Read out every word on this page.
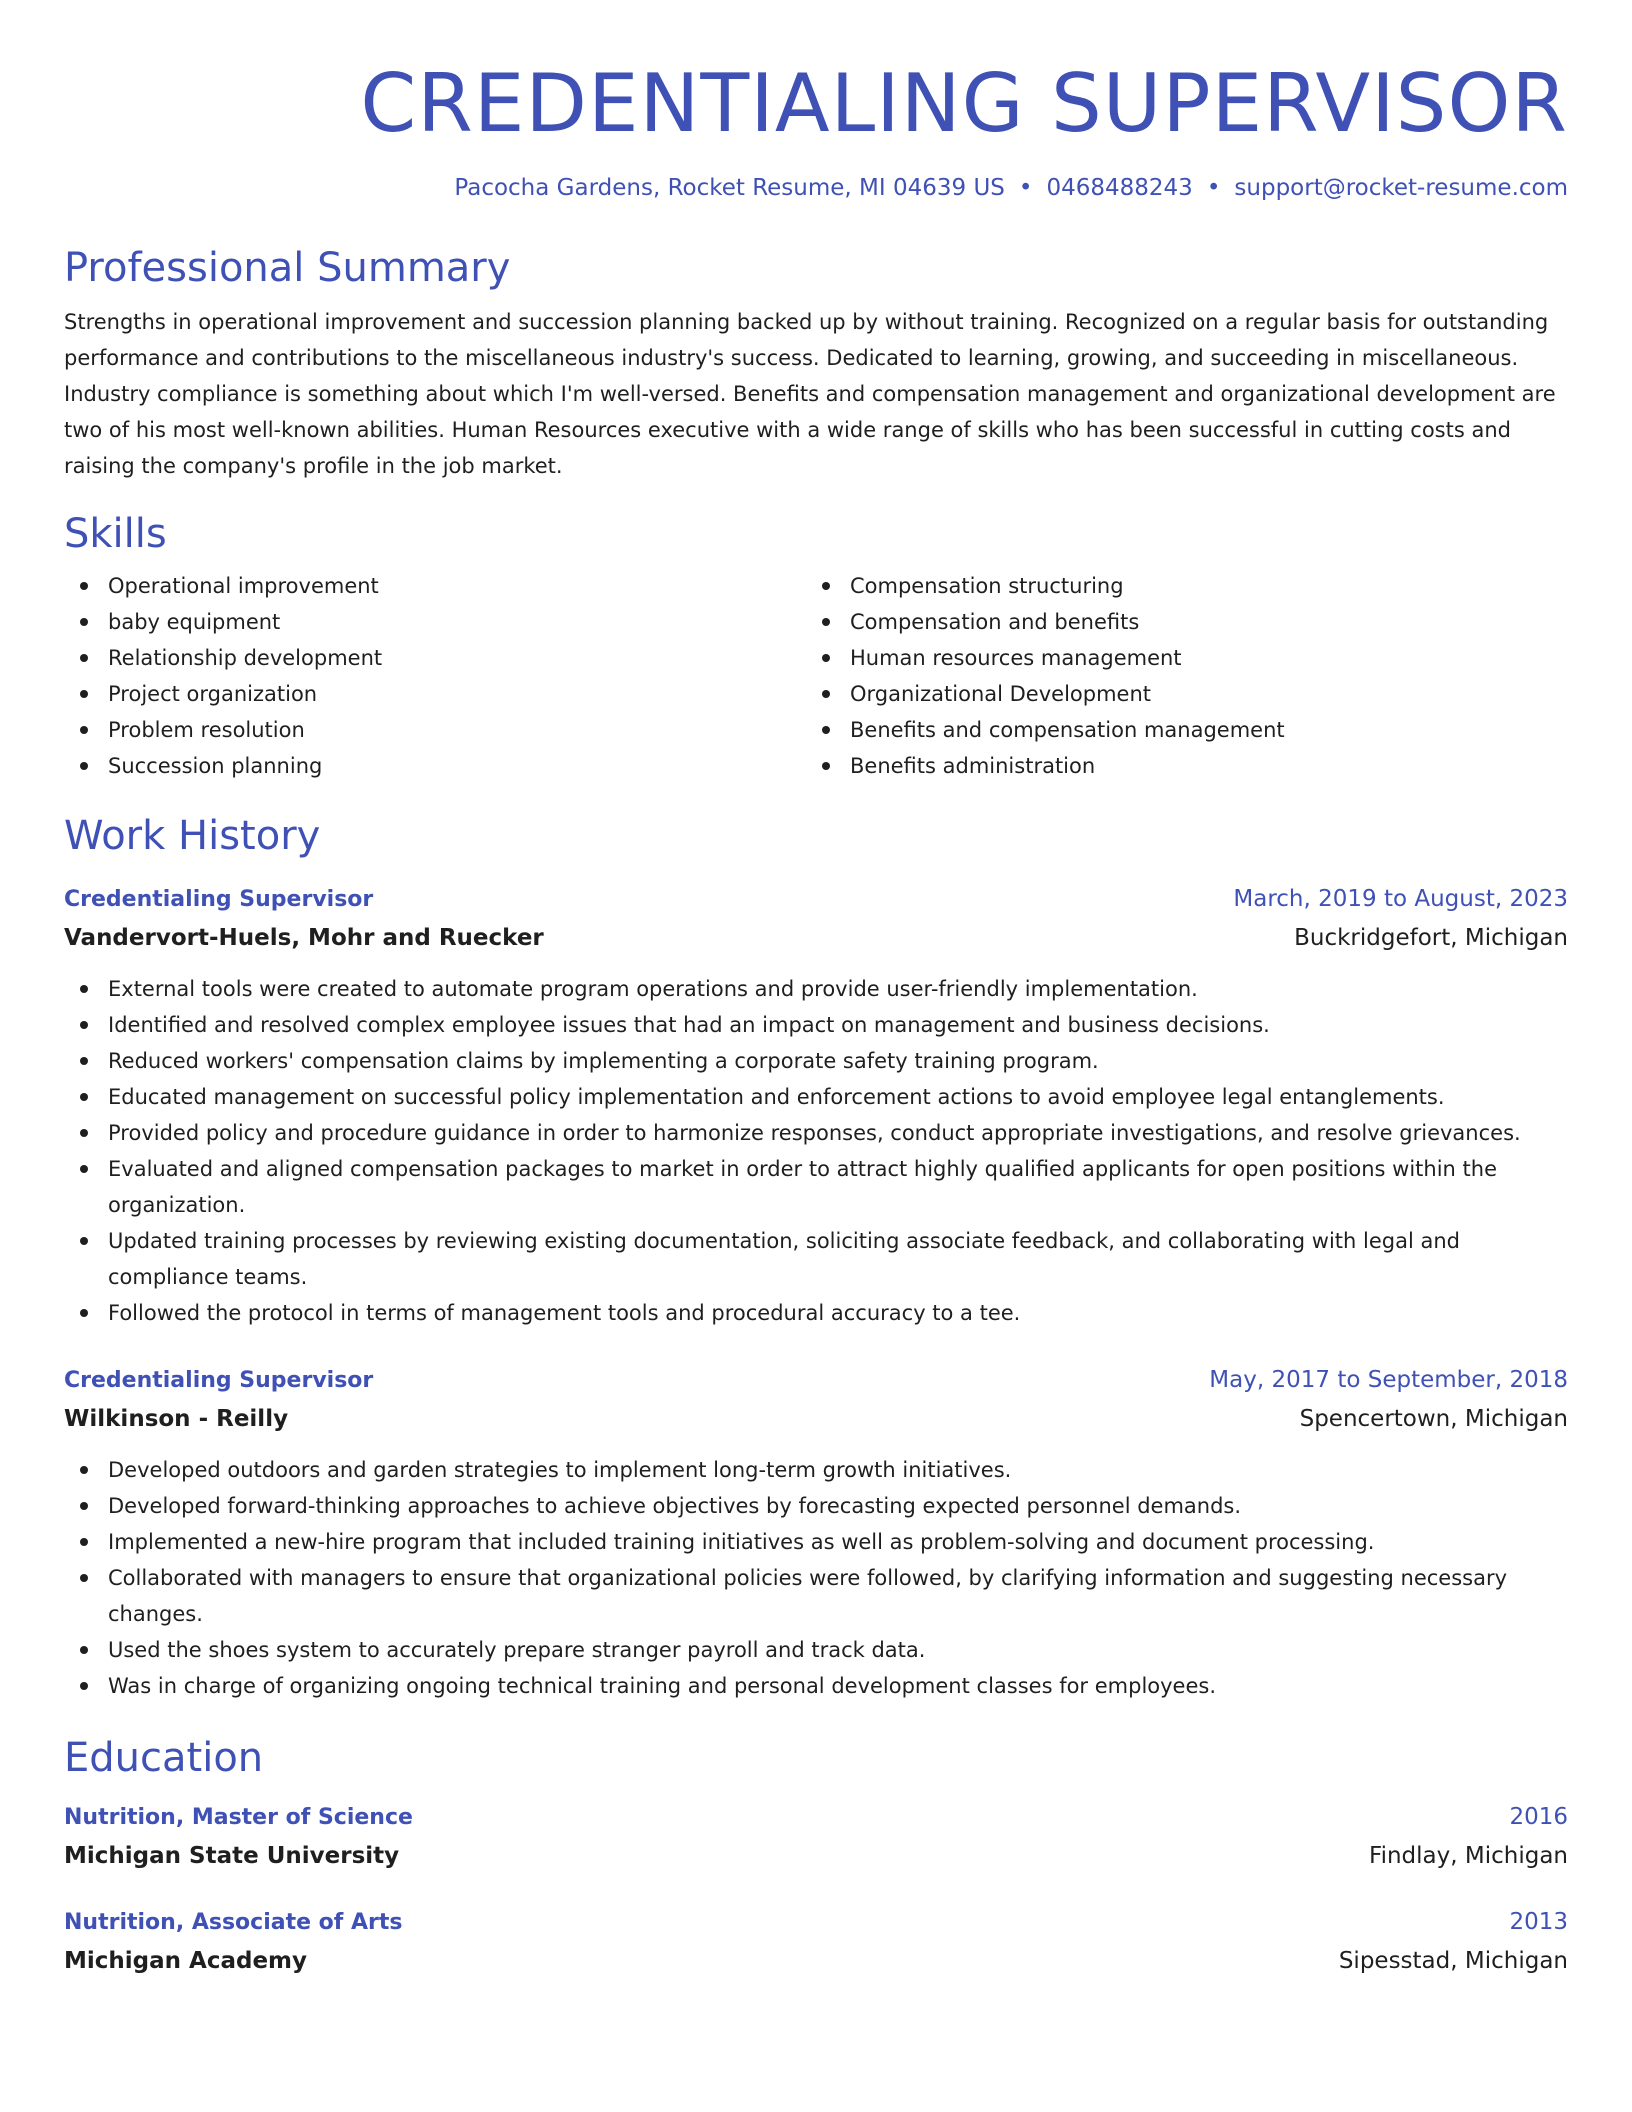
CREDENTIALING SUPERVISOR
Pacocha Gardens, Rocket Resume, MI 04639 US • 0468488243 • support@rocket-resume.com
Professional Summary
Strengths in operational improvement and succession planning backed up by without training. Recognized on a regular basis for outstanding performance and contributions to the miscellaneous industry's success. Dedicated to learning, growing, and succeeding in miscellaneous. Industry compliance is something about which I'm well-versed. Benefits and compensation management and organizational development are two of his most well-known abilities. Human Resources executive with a wide range of skills who has been successful in cutting costs and raising the company's profile in the job market.
Skills
Operational improvement
baby equipment
Relationship development
Project organization
Problem resolution
Succession planning
Compensation structuring
Compensation and benefits
Human resources management
Organizational Development
Benefits and compensation management
Benefits administration
Work History
Credentialing Supervisor	March, 2019 to August, 2023
Vandervort-Huels, Mohr and Ruecker	Buckridgefort, Michigan
External tools were created to automate program operations and provide user-friendly implementation.
Identified and resolved complex employee issues that had an impact on management and business decisions.
Reduced workers' compensation claims by implementing a corporate safety training program.
Educated management on successful policy implementation and enforcement actions to avoid employee legal entanglements.
Provided policy and procedure guidance in order to harmonize responses, conduct appropriate investigations, and resolve grievances.
Evaluated and aligned compensation packages to market in order to attract highly qualified applicants for open positions within the organization.
Updated training processes by reviewing existing documentation, soliciting associate feedback, and collaborating with legal and compliance teams.
Followed the protocol in terms of management tools and procedural accuracy to a tee.
Credentialing Supervisor	May, 2017 to September, 2018
Wilkinson - Reilly	Spencertown, Michigan
Developed outdoors and garden strategies to implement long-term growth initiatives.
Developed forward-thinking approaches to achieve objectives by forecasting expected personnel demands.
Implemented a new-hire program that included training initiatives as well as problem-solving and document processing.
Collaborated with managers to ensure that organizational policies were followed, by clarifying information and suggesting necessary changes.
Used the shoes system to accurately prepare stranger payroll and track data.
Was in charge of organizing ongoing technical training and personal development classes for employees.
Education
Nutrition, Master of Science	2016
Michigan State University	Findlay, Michigan
Nutrition, Associate of Arts	2013
Michigan Academy	Sipesstad, Michigan
